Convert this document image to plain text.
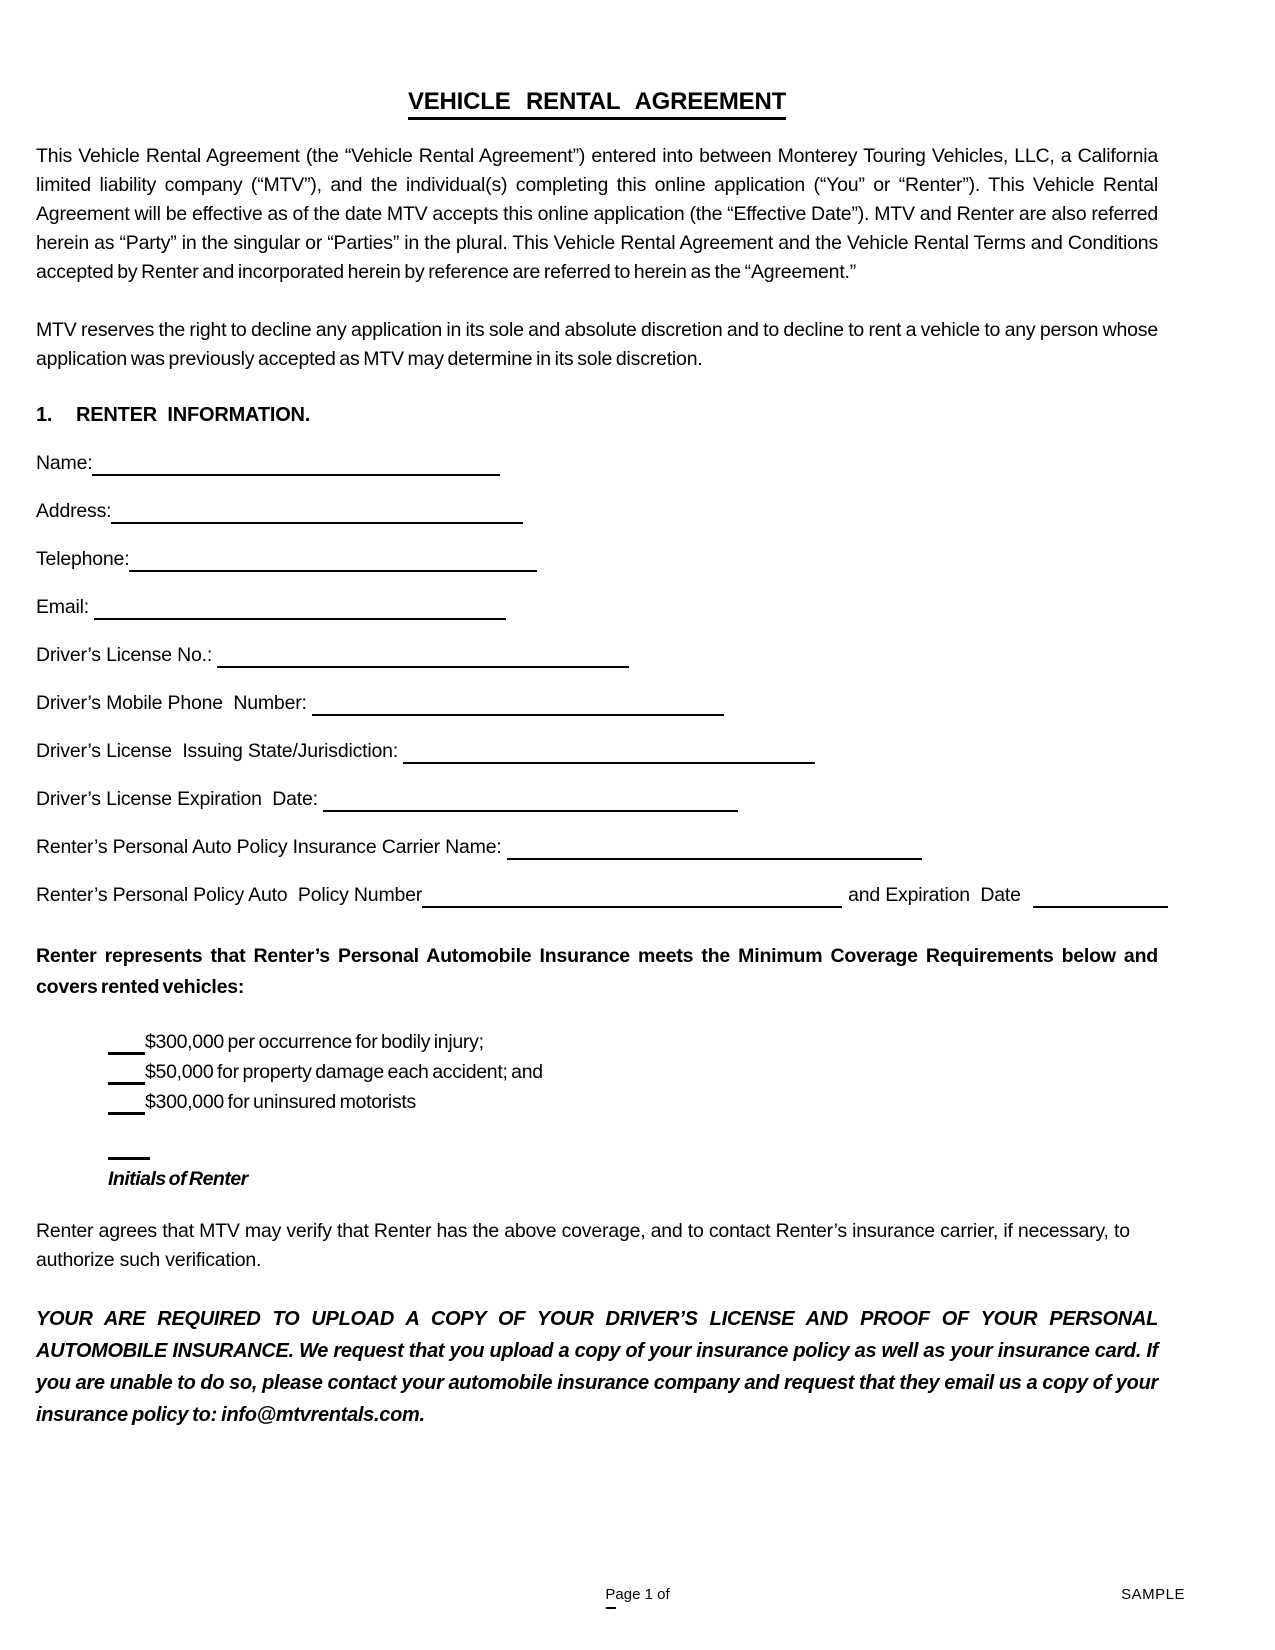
VEHICLE RENTAL AGREEMENT

This Vehicle Rental Agreement (the “Vehicle Rental Agreement”) entered into between Monterey Touring Vehicles, LLC, a California limited liability company (“MTV”), and the individual(s) completing this online application (“You” or “Renter”). This Vehicle Rental Agreement will be effective as of the date MTV accepts this online application (the “Effective Date”). MTV and Renter are also referred herein as “Party” in the singular or “Parties” in the plural. This Vehicle Rental Agreement and the Vehicle Rental Terms and Conditions accepted by Renter and incorporated herein by reference are referred to herein as the “Agreement.”

MTV reserves the right to decline any application in its sole and absolute discretion and to decline to rent a vehicle to any person whose application was previously accepted as MTV may determine in its sole discretion.

1. RENTER INFORMATION.
Name:
Address:
Telephone:
Email:
Driver’s License No.:
Driver’s Mobile Phone  Number:
Driver’s License  Issuing State/Jurisdiction:
Driver’s License Expiration  Date:
Renter’s Personal Auto Policy Insurance Carrier Name:
Renter’s Personal Policy Auto  Policy Number	and Expiration  Date

Renter represents that Renter’s Personal Automobile Insurance meets the Minimum Coverage Requirements below and covers rented vehicles:

$300,000 per occurrence for bodily injury;
$50,000 for property damage each accident; and
$300,000 for uninsured motorists
Initials of Renter

Renter agrees that MTV may verify that Renter has the above coverage, and to contact Renter’s insurance carrier, if necessary, to authorize such verification.

YOUR ARE REQUIRED TO UPLOAD A COPY OF YOUR DRIVER’S LICENSE AND PROOF OF YOUR PERSONAL AUTOMOBILE INSURANCE. We request that you upload a copy of your insurance policy as well as your insurance card. If you are unable to do so, please contact your automobile insurance company and request that they email us a copy of your insurance policy to: info@mtvrentals.com.

Page 1 of	SAMPLE
